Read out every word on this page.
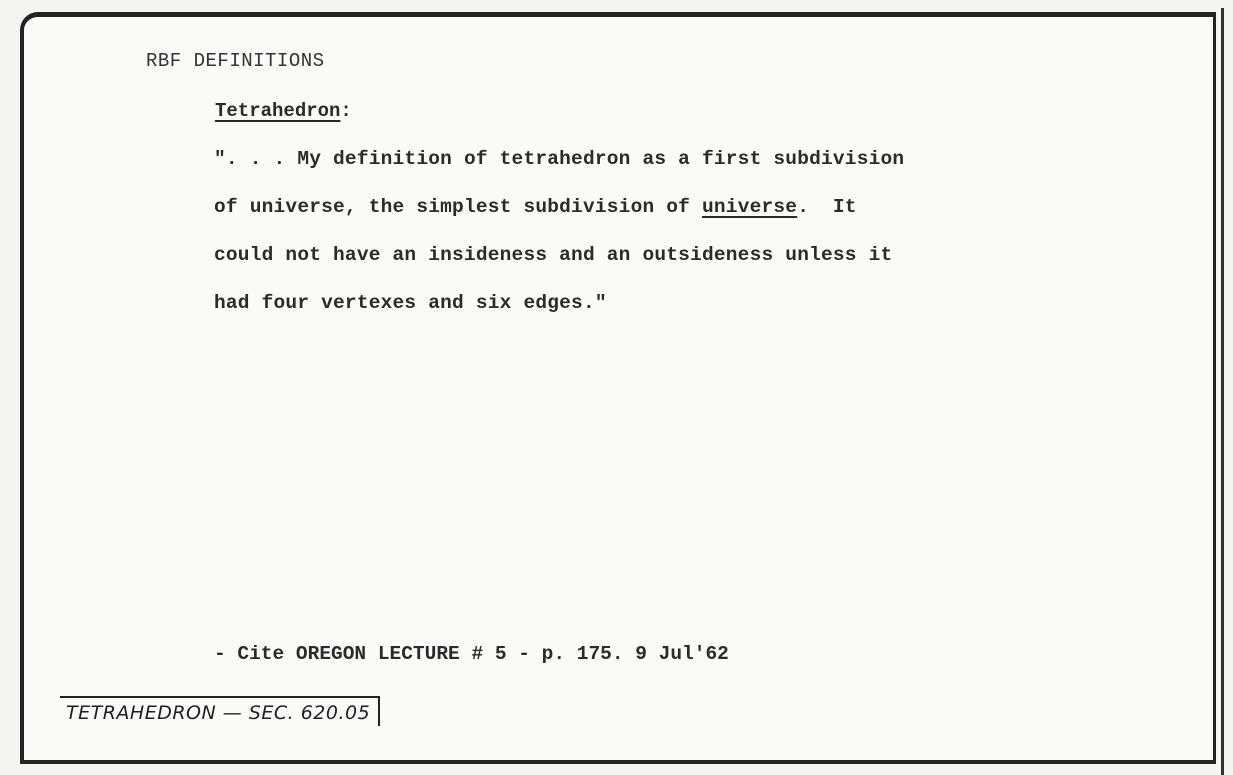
RBF DEFINITIONS
Tetrahedron:
". . . My definition of tetrahedron as a first subdivision
of universe, the simplest subdivision of universe.  It
could not have an insideness and an outsideness unless it
had four vertexes and six edges."
- Cite OREGON LECTURE # 5 - p. 175. 9 Jul'62
TETRAHEDRON — SEC. 620.05
